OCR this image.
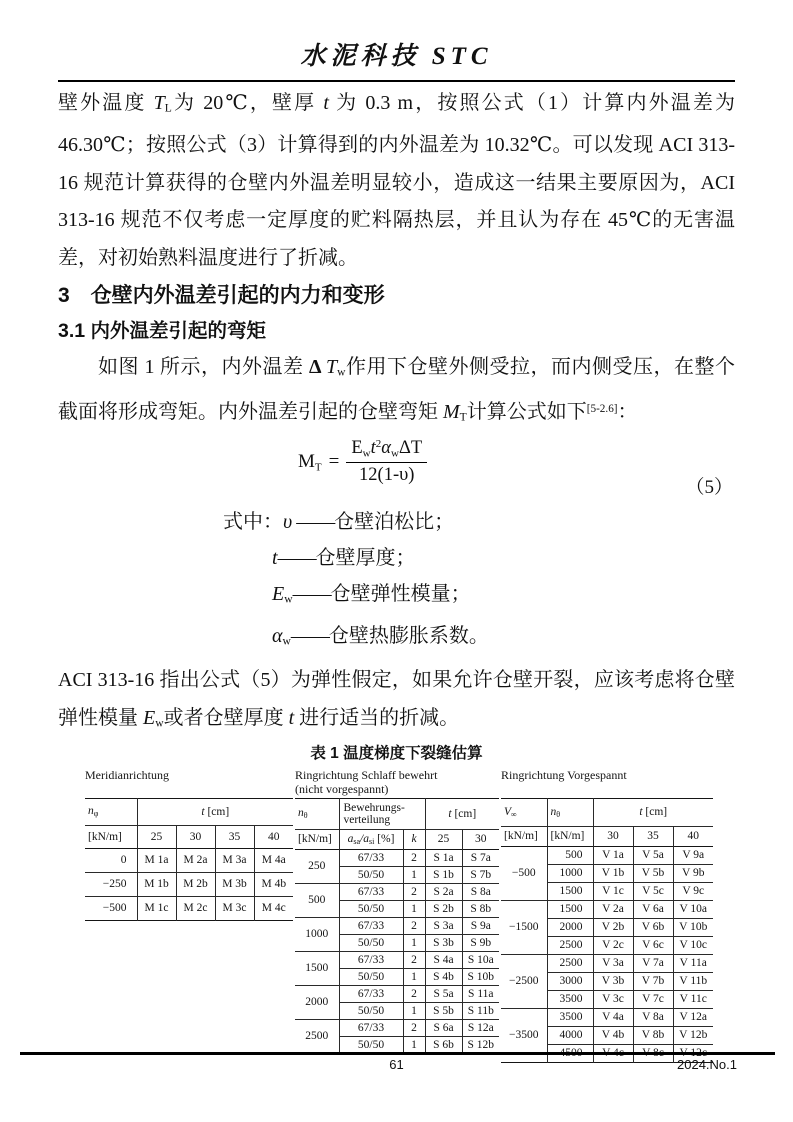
水泥科技 STC
壁外温度 $T_L$为 20℃，壁厚 t 为 0.3 m，按照公式（1）计算内外温差为 46.30℃；按照公式（3）计算得到的内外温差为 10.32℃。可以发现 ACI 313-16 规范计算获得的仓壁内外温差明显较小，造成这一结果主要原因为，ACI 313-16 规范不仅考虑一定厚度的贮料隔热层，并且认为存在 45℃的无害温差，对初始熟料温度进行了折减。
3　仓壁内外温差引起的内力和变形
3.1 内外温差引起的弯矩
如图 1 所示，内外温差 Δ $T_w$作用下仓壁外侧受拉，而内侧受压，在整个截面将形成弯矩。内外温差引起的仓壁弯矩 $M_T$计算公式如下[5-2.6]：
$M_T = \frac{E_wt^2\alpha_w\Delta T}{12(1-\upsilon)}$
（5）
式中：υ ——仓壁泊松比；
t——仓壁厚度；
$E_w——$仓壁弹性模量；
$\alpha_w——$仓壁热膨胀系数。
ACI 313-16 指出公式（5）为弹性假定，如果允许仓壁开裂，应该考虑将仓壁弹性模量 $E_w$或者仓壁厚度 t 进行适当的折减。
表 1 温度梯度下裂缝估算
Meridianrichtung
$n_\varphi$	t [cm]			
[kN/m]	25	30	35	40
0	M 1a	M 2a	M 3a	M 4a
−250	M 1b	M 2b	M 3b	M 4b
−500	M 1c	M 2c	M 3c	M 4c
Ringrichtung Schlaff bewehrt
(nicht vorgespannt)
$n_\theta$	Bewehrungs-
verteilung		t [cm]	
[kN/m]	$a_{sa}/a_{si}$ [%]	k	25	30
250	67/33	2	S 1a	S 7a
	50/50	1	S 1b	S 7b
500	67/33	2	S 2a	S 8a
	50/50	1	S 2b	S 8b
1000	67/33	2	S 3a	S 9a
	50/50	1	S 3b	S 9b
1500	67/33	2	S 4a	S 10a
	50/50	1	S 4b	S 10b
2000	67/33	2	S 5a	S 11a
	50/50	1	S 5b	S 11b
2500	67/33	2	S 6a	S 12a
	50/50	1	S 6b	S 12b
Ringrichtung Vorgespannt
$V_\infty$	$n_\theta$	t [cm]		
[kN/m]	[kN/m]	30	35	40
−500	500	V 1a	V 5a	V 9a
	1000	V 1b	V 5b	V 9b
	1500	V 1c	V 5c	V 9c
−1500	1500	V 2a	V 6a	V 10a
	2000	V 2b	V 6b	V 10b
	2500	V 2c	V 6c	V 10c
−2500	2500	V 3a	V 7a	V 11a
	3000	V 3b	V 7b	V 11b
	3500	V 3c	V 7c	V 11c
−3500	3500	V 4a	V 8a	V 12a
	4000	V 4b	V 8b	V 12b
	4500	V 4c	V 8c	V 12c
61	2024.No.1
